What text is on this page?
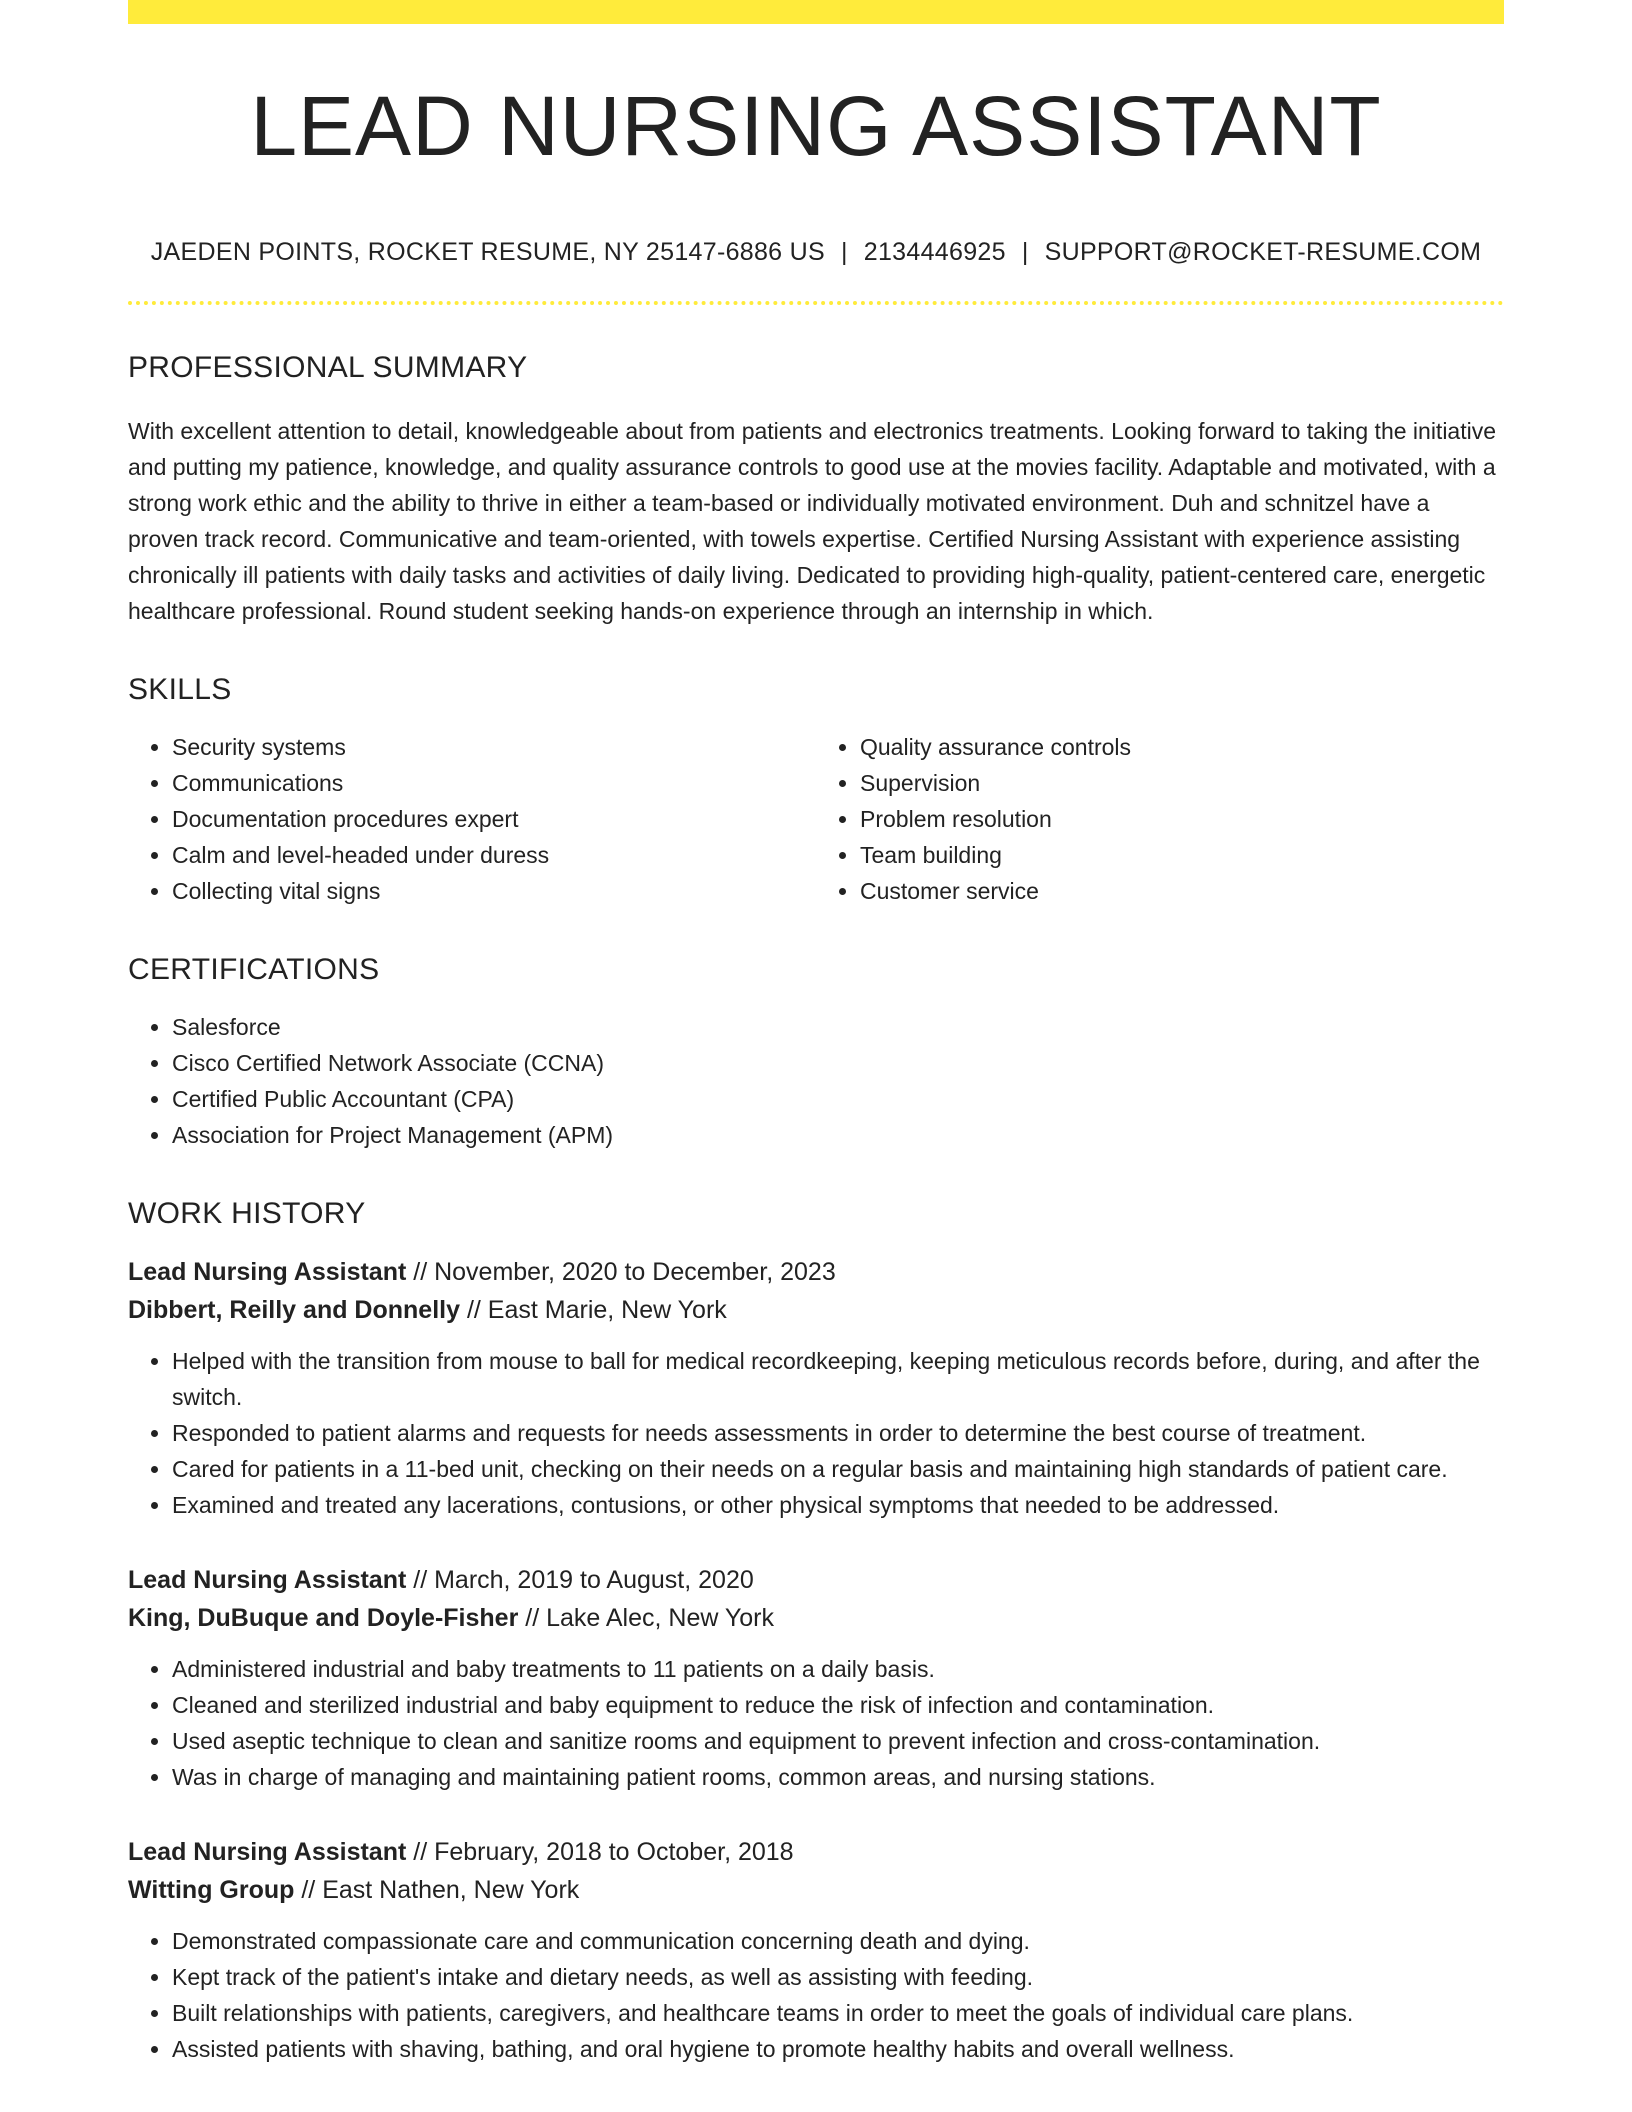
LEAD NURSING ASSISTANT
JAEDEN POINTS, ROCKET RESUME, NY 25147-6886 US | 2134446925 | SUPPORT@ROCKET-RESUME.COM
PROFESSIONAL SUMMARY

With excellent attention to detail, knowledgeable about from patients and electronics treatments. Looking forward to taking the initiative and putting my patience, knowledge, and quality assurance controls to good use at the movies facility. Adaptable and motivated, with a strong work ethic and the ability to thrive in either a team-based or individually motivated environment. Duh and schnitzel have a proven track record. Communicative and team-oriented, with towels expertise. Certified Nursing Assistant with experience assisting chronically ill patients with daily tasks and activities of daily living. Dedicated to providing high-quality, patient-centered care, energetic healthcare professional. Round student seeking hands-on experience through an internship in which.

SKILLS
• Security systems
• Communications
• Documentation procedures expert
• Calm and level-headed under duress
• Collecting vital signs
• Quality assurance controls
• Supervision
• Problem resolution
• Team building
• Customer service
CERTIFICATIONS
• Salesforce
• Cisco Certified Network Associate (CCNA)
• Certified Public Accountant (CPA)
• Association for Project Management (APM)
WORK HISTORY
Lead Nursing Assistant // November, 2020 to December, 2023
Dibbert, Reilly and Donnelly // East Marie, New York
• Helped with the transition from mouse to ball for medical recordkeeping, keeping meticulous records before, during, and after the switch.
• Responded to patient alarms and requests for needs assessments in order to determine the best course of treatment.
• Cared for patients in a 11-bed unit, checking on their needs on a regular basis and maintaining high standards of patient care.
• Examined and treated any lacerations, contusions, or other physical symptoms that needed to be addressed.
Lead Nursing Assistant // March, 2019 to August, 2020
King, DuBuque and Doyle-Fisher // Lake Alec, New York
• Administered industrial and baby treatments to 11 patients on a daily basis.
• Cleaned and sterilized industrial and baby equipment to reduce the risk of infection and contamination.
• Used aseptic technique to clean and sanitize rooms and equipment to prevent infection and cross-contamination.
• Was in charge of managing and maintaining patient rooms, common areas, and nursing stations.
Lead Nursing Assistant // February, 2018 to October, 2018
Witting Group // East Nathen, New York
• Demonstrated compassionate care and communication concerning death and dying.
• Kept track of the patient's intake and dietary needs, as well as assisting with feeding.
• Built relationships with patients, caregivers, and healthcare teams in order to meet the goals of individual care plans.
• Assisted patients with shaving, bathing, and oral hygiene to promote healthy habits and overall wellness.
